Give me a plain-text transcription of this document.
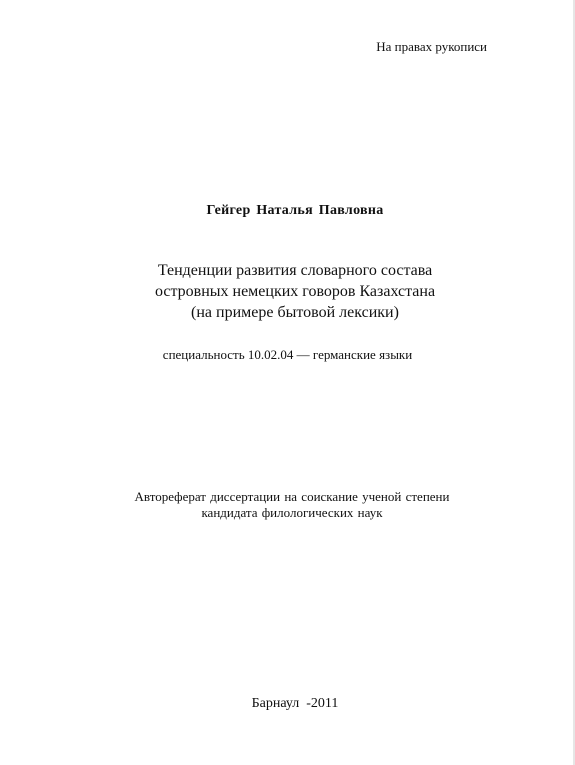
На правах рукописи
Гейгер Наталья Павловна
Тенденции развития словарного состава
островных немецких говоров Казахстана
(на примере бытовой лексики)
специальность 10.02.04 — германские языки
Автореферат диссертации на соискание ученой степени
кандидата филологических наук
Барнаул  -2011
